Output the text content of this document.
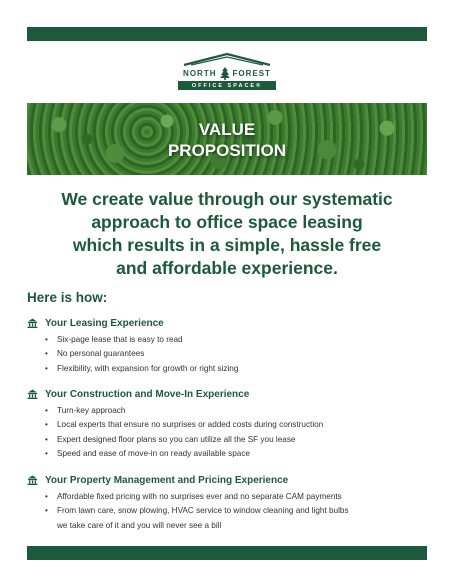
NORTH FOREST
OFFICE SPACE®
VALUE
PROPOSITION
We create value through our systematic
approach to office space leasing
which results in a simple, hassle free
and affordable experience.
Here is how:
Your Leasing Experience
• Six-page lease that is easy to read
• No personal guarantees
• Flexibility, with expansion for growth or right sizing
Your Construction and Move-In Experience
• Turn-key approach
• Local experts that ensure no surprises or added costs during construction
• Expert designed floor plans so you can utilize all the SF you lease
• Speed and ease of move-in on ready available space
Your Property Management and Pricing Experience
• Affordable fixed pricing with no surprises ever and no separate CAM payments
• From lawn care, snow plowing, HVAC service to window cleaning and light bulbs
we take care of it and you will never see a bill
